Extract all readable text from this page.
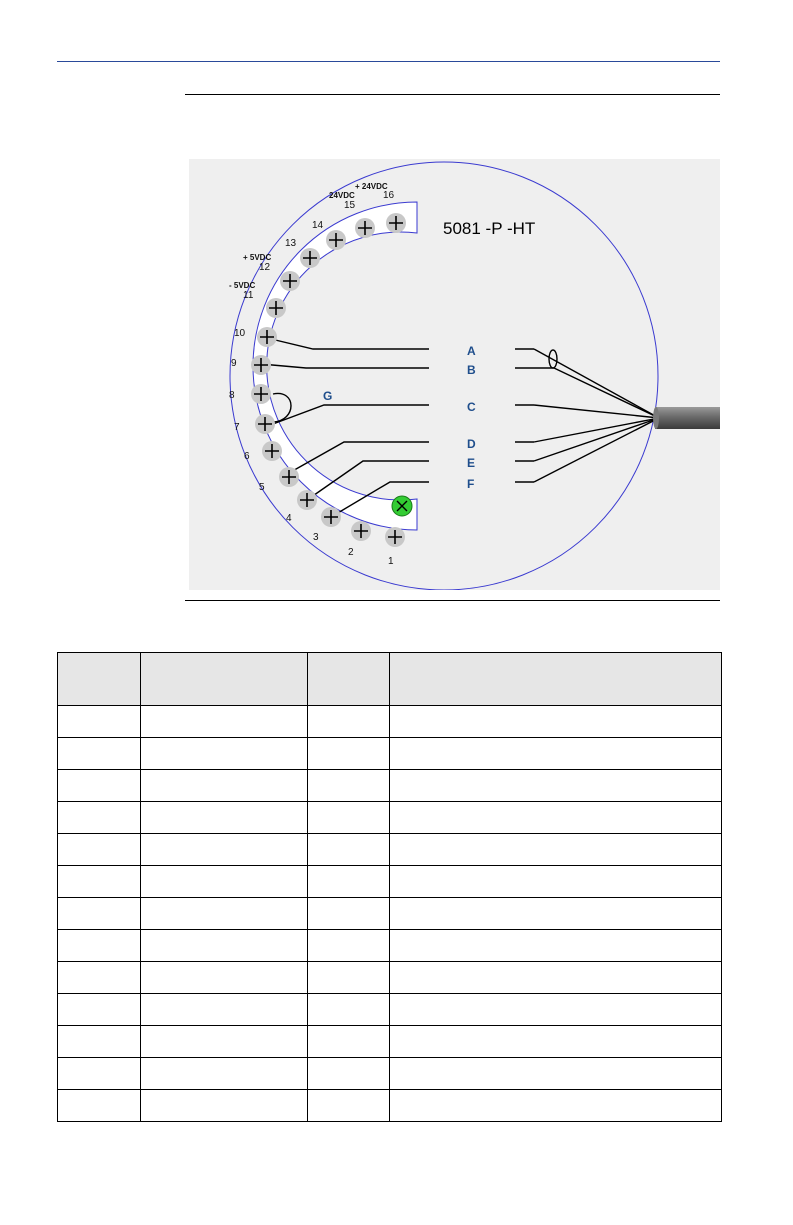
1
2
3
4
5
6
7
8
9
10
11
12
13
14
15
16
+ 24VDC
24VDC
+ 5VDC
- 5VDC
5081 -P -HT
A
B
C
D
E
F
G
